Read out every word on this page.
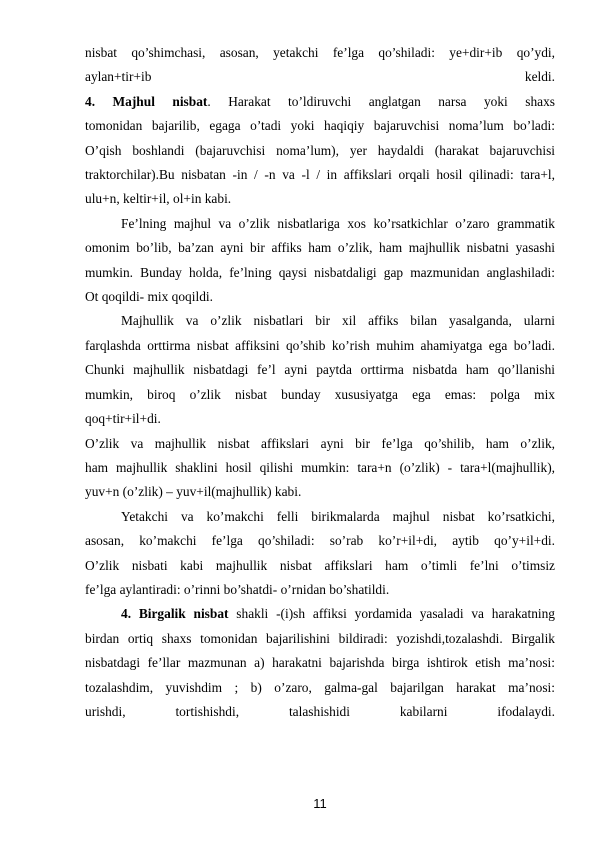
nisbat qo’shimchasi, asosan, yetakchi fe’lga qo’shiladi: ye+dir+ib qo’ydi,
aylan+tir+ib keldi.
4. Majhul nisbat. Harakat to’ldiruvchi anglatgan narsa yoki shaxs
tomonidan bajarilib, egaga o’tadi yoki haqiqiy bajaruvchisi noma’lum bo’ladi:
O’qish boshlandi (bajaruvchisi noma’lum), yer haydaldi (harakat bajaruvchisi
traktorchilar).Bu nisbatan -in / -n va -l / in affikslari orqali hosil qilinadi: tara+l,
ulu+n, keltir+il, ol+in kabi.
Fe’lning majhul va o’zlik nisbatlariga xos ko’rsatkichlar o’zaro grammatik
omonim bo’lib, ba’zan ayni bir affiks ham o’zlik, ham majhullik nisbatni yasashi
mumkin. Bunday holda, fe’lning qaysi nisbatdaligi gap mazmunidan anglashiladi:
Ot qoqildi- mix qoqildi.
Majhullik va o’zlik nisbatlari bir xil affiks bilan yasalganda, ularni
farqlashda orttirma nisbat affiksini qo’shib ko’rish muhim ahamiyatga ega bo’ladi.
Chunki majhullik nisbatdagi fe’l ayni paytda orttirma nisbatda ham qo’llanishi
mumkin, biroq o’zlik nisbat bunday xususiyatga ega emas: polga mix
qoq+tir+il+di.
O’zlik va majhullik nisbat affikslari ayni bir fe’lga qo’shilib, ham o’zlik,
ham majhullik shaklini hosil qilishi mumkin: tara+n (o’zlik) - tara+l(majhullik),
yuv+n (o’zlik) – yuv+il(majhullik) kabi.
Yetakchi va ko’makchi felli birikmalarda majhul nisbat ko’rsatkichi,
asosan, ko’makchi fe’lga qo’shiladi: so’rab ko’r+il+di, aytib qo’y+il+di.
O’zlik nisbati kabi majhullik nisbat affikslari ham o’timli fe’lni o’timsiz
fe’lga aylantiradi: o’rinni bo’shatdi- o’rnidan bo’shatildi.
4. Birgalik nisbat shakli -(i)sh affiksi yordamida yasaladi va harakatning
birdan ortiq shaxs tomonidan bajarilishini bildiradi: yozishdi,tozalashdi. Birgalik
nisbatdagi fe’llar mazmunan a) harakatni bajarishda birga ishtirok etish ma’nosi:
tozalashdim, yuvishdim ; b) o’zaro, galma-gal bajarilgan harakat ma’nosi:
urishdi, tortishishdi, talashishidi kabilarni ifodalaydi.
11
